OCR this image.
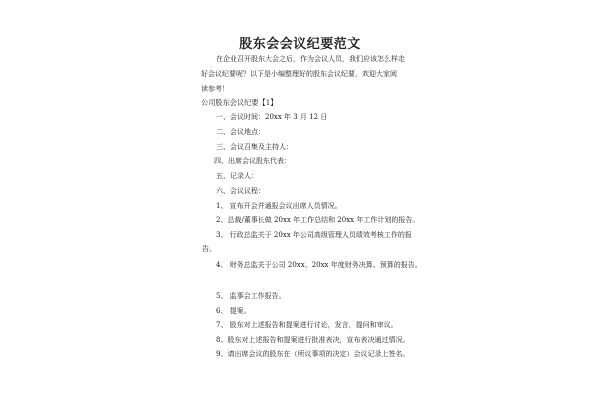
股东会会议纪要范文
在企业召开股东大会之后，作为会议人员，我们应该怎么样走
好会议纪要呢？以下是小编整理好的股东会议纪要，欢迎大家阅
读参考！
公司股东会议纪要【1】
一、会议时间：20xx 年 3 月 12 日
二、会议地点：
三、会议召集及主持人：
四、出席会议股东代表：
五、记录人：
六、会议议程：
1、 宣布开会并通报会议出席人员情况。
2、总裁/董事长做 20xx 年工作总结和 20xx 年工作计划的报告。
3、 行政总监关于 20xx 年公司高级管理人员绩效考核工作的报
告。
4、 财务总监关于公司 20xx、20xx 年度财务决算、预算的报告。
5、 监事会工作报告。
6、 提案。
7、 股东对上述报告和提案进行讨论，发言，提问和审议。
8、股东对上述报告和提案进行批准表决，宣布表决通过情况。
9、请出席会议的股东在（所议事项的决定）会议记录上签名。
